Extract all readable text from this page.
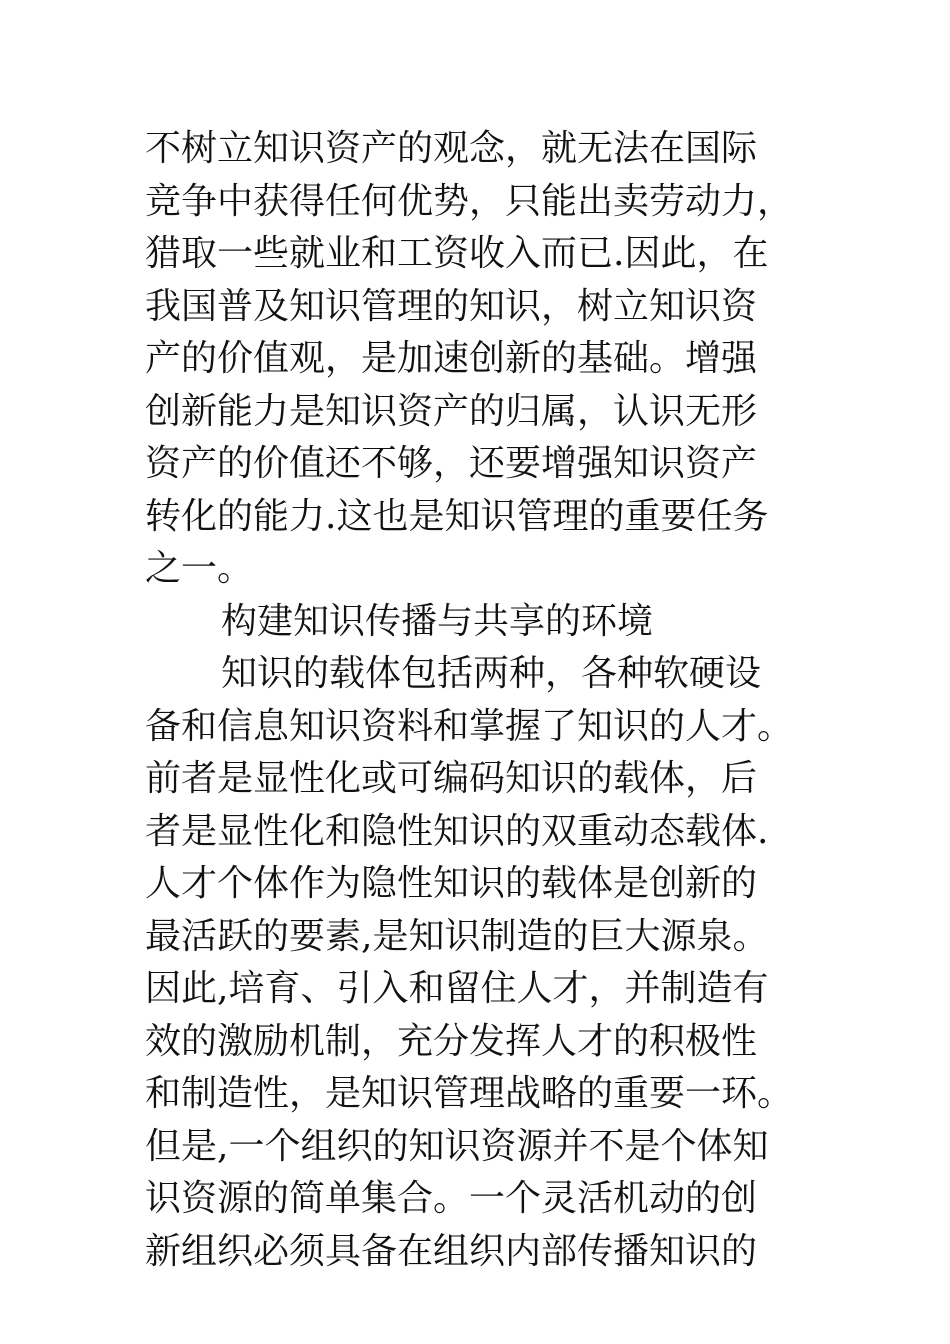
不树立知识资产的观念，就无法在国际
竞争中获得任何优势，只能出卖劳动力，
猎取一些就业和工资收入而已.因此，在
我国普及知识管理的知识，树立知识资
产的价值观，是加速创新的基础。增强
创新能力是知识资产的归属，认识无形
资产的价值还不够，还要增强知识资产
转化的能力.这也是知识管理的重要任务
之一。
构建知识传播与共享的环境
知识的载体包括两种，各种软硬设
备和信息知识资料和掌握了知识的人才。
前者是显性化或可编码知识的载体，后
者是显性化和隐性知识的双重动态载体.
人才个体作为隐性知识的载体是创新的
最活跃的要素,是知识制造的巨大源泉。
因此,培育、引入和留住人才，并制造有
效的激励机制，充分发挥人才的积极性
和制造性，是知识管理战略的重要一环。
但是,一个组织的知识资源并不是个体知
识资源的简单集合。一个灵活机动的创
新组织必须具备在组织内部传播知识的
